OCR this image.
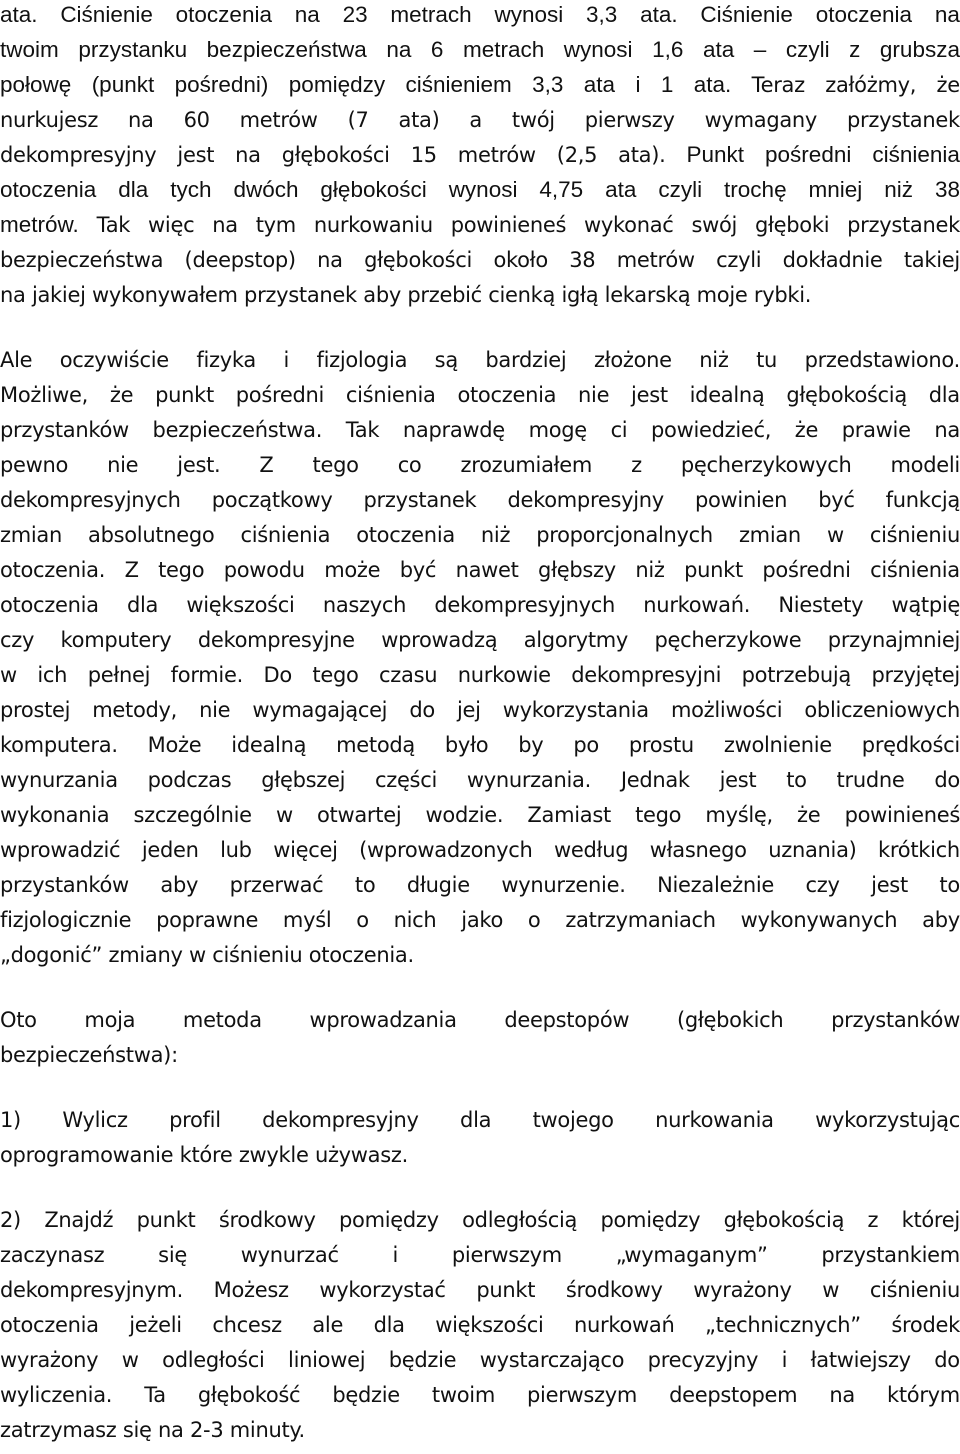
ata. Ciśnienie otoczenia na 23 metrach wynosi 3,3 ata. Ciśnienie otoczenia na
twoim przystanku bezpieczeństwa na 6 metrach wynosi 1,6 ata – czyli z grubsza
połowę (punkt pośredni) pomiędzy ciśnieniem 3,3 ata i 1 ata. Teraz załóżmy, że
nurkujesz na 60 metrów (7 ata) a twój pierwszy wymagany przystanek
dekompresyjny jest na głębokości 15 metrów (2,5 ata). Punkt pośredni ciśnienia
otoczenia dla tych dwóch głębokości wynosi 4,75 ata czyli trochę mniej niż 38
metrów. Tak więc na tym nurkowaniu powinieneś wykonać swój głęboki przystanek
bezpieczeństwa (deepstop) na głębokości około 38 metrów czyli dokładnie takiej
na jakiej wykonywałem przystanek aby przebić cienką igłą lekarską moje rybki.
Ale oczywiście fizyka i fizjologia są bardziej złożone niż tu przedstawiono.
Możliwe, że punkt pośredni ciśnienia otoczenia nie jest idealną głębokością dla
przystanków bezpieczeństwa. Tak naprawdę mogę ci powiedzieć, że prawie na
pewno nie jest. Z tego co zrozumiałem z pęcherzykowych modeli
dekompresyjnych początkowy przystanek dekompresyjny powinien być funkcją
zmian absolutnego ciśnienia otoczenia niż proporcjonalnych zmian w ciśnieniu
otoczenia. Z tego powodu może być nawet głębszy niż punkt pośredni ciśnienia
otoczenia dla większości naszych dekompresyjnych nurkowań. Niestety wątpię
czy komputery dekompresyjne wprowadzą algorytmy pęcherzykowe przynajmniej
w ich pełnej formie. Do tego czasu nurkowie dekompresyjni potrzebują przyjętej
prostej metody, nie wymagającej do jej wykorzystania możliwości obliczeniowych
komputera. Może idealną metodą było by po prostu zwolnienie prędkości
wynurzania podczas głębszej części wynurzania. Jednak jest to trudne do
wykonania szczególnie w otwartej wodzie. Zamiast tego myślę, że powinieneś
wprowadzić jeden lub więcej (wprowadzonych według własnego uznania) krótkich
przystanków aby przerwać to długie wynurzenie. Niezależnie czy jest to
fizjologicznie poprawne myśl o nich jako o zatrzymaniach wykonywanych aby
„dogonić” zmiany w ciśnieniu otoczenia.
Oto moja metoda wprowadzania deepstopów (głębokich przystanków
bezpieczeństwa):
1) Wylicz profil dekompresyjny dla twojego nurkowania wykorzystując
oprogramowanie które zwykle używasz.
2) Znajdź punkt środkowy pomiędzy odległością pomiędzy głębokością z której
zaczynasz	się	wynurzać	i	pierwszym	„wymaganym”	przystankiem
dekompresyjnym. Możesz wykorzystać punkt środkowy wyrażony w ciśnieniu
otoczenia jeżeli chcesz ale dla większości nurkowań „technicznych” środek
wyrażony w odległości liniowej będzie wystarczająco precyzyjny i łatwiejszy do
wyliczenia. Ta głębokość będzie twoim pierwszym deepstopem na którym
zatrzymasz się na 2-3 minuty.
